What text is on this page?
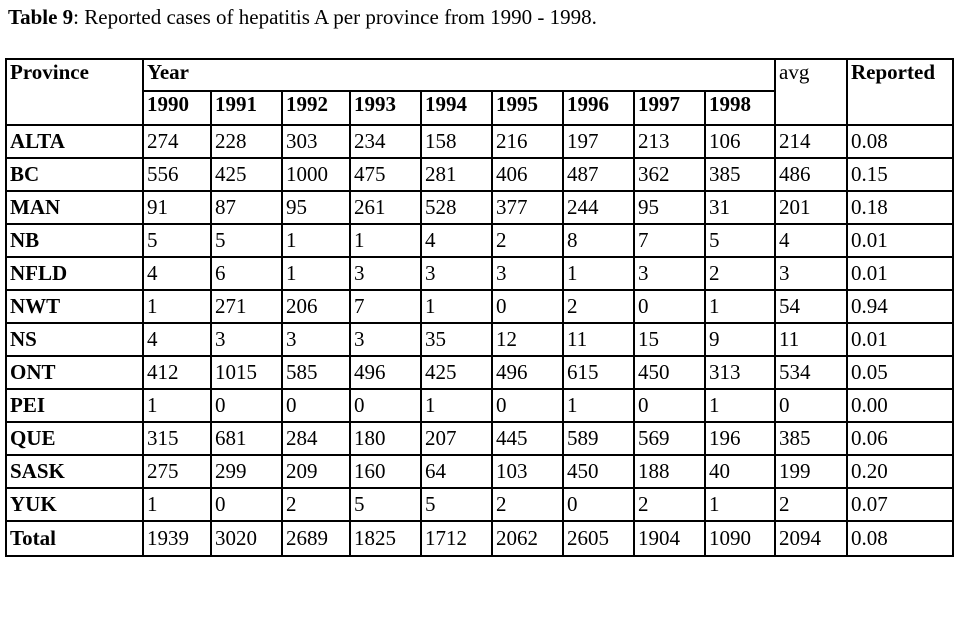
Table 9: Reported cases of hepatitis A per province from 1990 - 1998.
Province	Year									avg	Reported
	1990	1991	1992	1993	1994	1995	1996	1997	1998		
ALTA	274	228	303	234	158	216	197	213	106	214	0.08
BC	556	425	1000	475	281	406	487	362	385	486	0.15
MAN	91	87	95	261	528	377	244	95	31	201	0.18
NB	5	5	1	1	4	2	8	7	5	4	0.01
NFLD	4	6	1	3	3	3	1	3	2	3	0.01
NWT	1	271	206	7	1	0	2	0	1	54	0.94
NS	4	3	3	3	35	12	11	15	9	11	0.01
ONT	412	1015	585	496	425	496	615	450	313	534	0.05
PEI	1	0	0	0	1	0	1	0	1	0	0.00
QUE	315	681	284	180	207	445	589	569	196	385	0.06
SASK	275	299	209	160	64	103	450	188	40	199	0.20
YUK	1	0	2	5	5	2	0	2	1	2	0.07
Total	1939	3020	2689	1825	1712	2062	2605	1904	1090	2094	0.08
